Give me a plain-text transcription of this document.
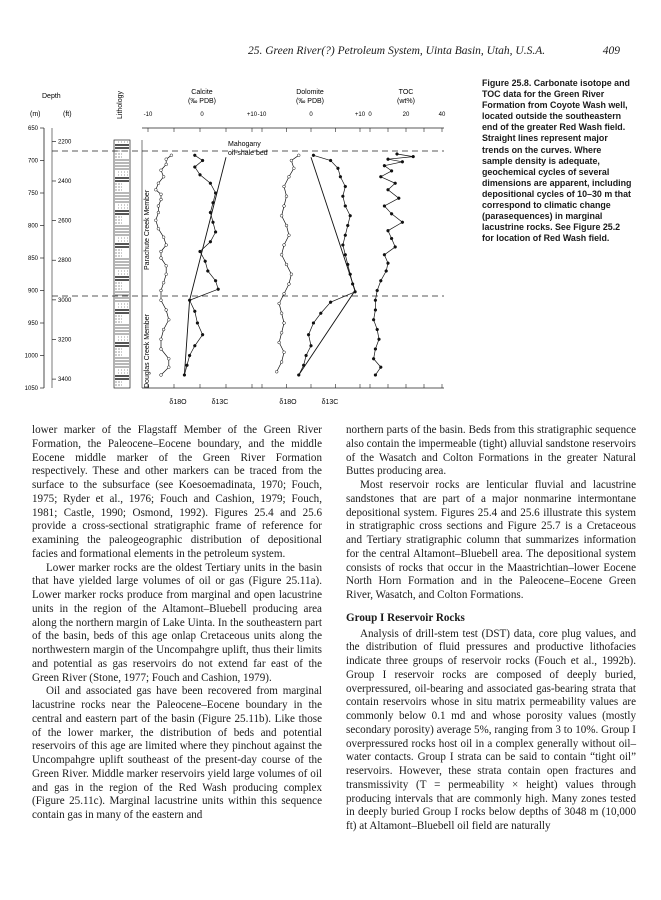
25. Green River(?) Petroleum System, Uinta Basin, Utah, U.S.A.	409
Depth
(m)	(ft)	Lithology	Calcite
(‰ PDB)
Dolomite
(‰ PDB)
TOC
(wt%)
-10	0	+10 -10	0	+10 0	20	40
650
700
750
800
850
900
950
1000
1050
2200
2400
2600
2800
3000
3200
3400
Parachute Creek Member
Douglas Creek Member
Mahogany
oil-shale bed
δ18O	δ13C	δ18O	δ13C
Figure 25.8. Carbonate isotope and TOC data for the Green River Formation from Coyote Wash well, located outside the southeastern end of the greater Red Wash field. Straight lines represent major trends on the curves. Where sample density is adequate, geochemical cycles of several dimensions are apparent, including depositional cycles of 10–30 m that correspond to climatic change (parasequences) in marginal lacustrine rocks. See Figure 25.2 for location of Red Wash field.

lower marker of the Flagstaff Member of the Green River Formation, the Paleocene–Eocene boundary, and the middle Eocene middle marker of the Green River Formation respectively. These and other markers can be traced from the surface to the subsurface (see Koesoemadinata, 1970; Fouch, 1975; Ryder et al., 1976; Fouch and Cashion, 1979; Fouch, 1981; Castle, 1990; Osmond, 1992). Figures 25.4 and 25.6 provide a cross-sectional stratigraphic frame of reference for examining the paleogeographic distribution of depositional facies and formational elements in the petroleum system.

Lower marker rocks are the oldest Tertiary units in the basin that have yielded large volumes of oil or gas (Figure 25.11a). Lower marker rocks produce from marginal and open lacustrine units in the region of the Altamont–Bluebell producing area along the northern margin of Lake Uinta. In the southeastern part of the basin, beds of this age onlap Cretaceous units along the northwestern margin of the Uncompahgre uplift, thus their limits and potential as gas reservoirs do not extend far east of the Green River (Stone, 1977; Fouch and Cashion, 1979).

Oil and associated gas have been recovered from marginal lacustrine rocks near the Paleocene–Eocene boundary in the central and eastern part of the basin (Figure 25.11b). Like those of the lower marker, the distribution of beds and potential reservoirs of this age are limited where they pinchout against the Uncompahgre uplift southeast of the present-day course of the Green River. Middle marker reservoirs yield large volumes of oil and gas in the region of the Red Wash producing complex (Figure 25.11c). Marginal lacustrine units within this sequence contain gas in many of the eastern and

northern parts of the basin. Beds from this stratigraphic sequence also contain the impermeable (tight) alluvial sandstone reservoirs of the Wasatch and Colton Formations in the greater Natural Buttes producing area.

Most reservoir rocks are lenticular fluvial and lacustrine sandstones that are part of a major nonmarine intermontane depositional system. Figures 25.4 and 25.6 illustrate this system in stratigraphic cross sections and Figure 25.7 is a Cretaceous and Tertiary stratigraphic column that summarizes information for the central Altamont–Bluebell area. The depositional system consists of rocks that occur in the Maastrichtian–lower Eocene North Horn Formation and in the Paleocene–Eocene Green River, Wasatch, and Colton Formations.

Group I Reservoir Rocks

Analysis of drill-stem test (DST) data, core plug values, and the distribution of fluid pressures and productive lithofacies indicate three groups of reservoir rocks (Fouch et al., 1992b). Group I reservoir rocks are composed of deeply buried, overpressured, oil-bearing and associated gas-bearing strata that contain reservoirs whose in situ matrix permeability values are commonly below 0.1 md and whose porosity values (mostly secondary porosity) average 5%, ranging from 3 to 10%. Group I overpressured rocks host oil in a complex generally without oil–water contacts. Group I strata can be said to contain “tight oil” reservoirs. However, these strata contain open fractures and transmissivity (T = permeability × height) values through producing intervals that are commonly high. Many zones tested in deeply buried Group I rocks below depths of 3048 m (10,000 ft) at Altamont–Bluebell oil field are naturally
